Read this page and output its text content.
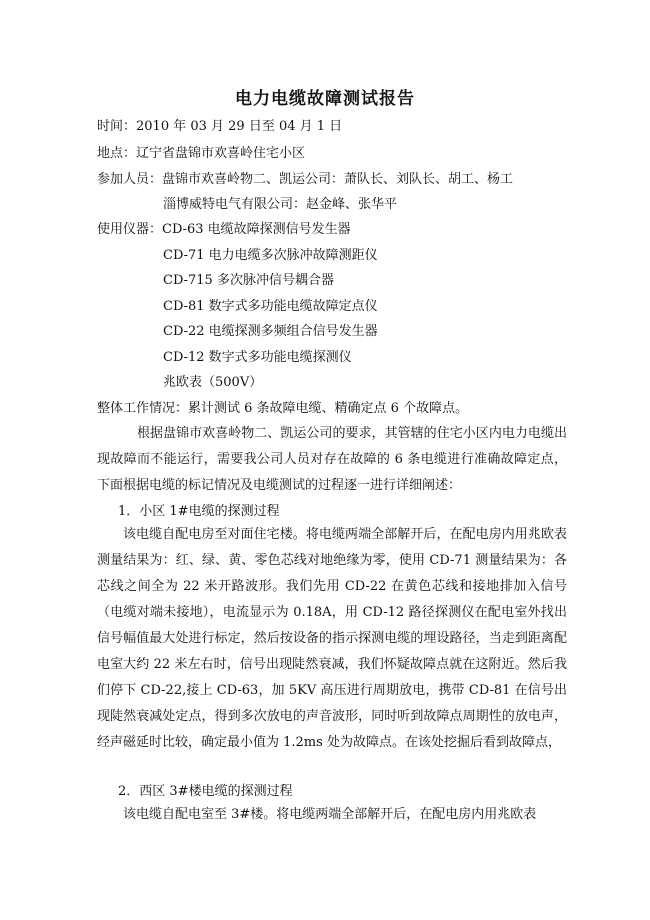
电力电缆故障测试报告
时间：2010 年 03 月 29 日至 04 月 1 日
地点：辽宁省盘锦市欢喜岭住宅小区
参加人员：盘锦市欢喜岭物二、凯运公司：萧队长、刘队长、胡工、杨工
淄博威特电气有限公司：赵金峰、张华平
使用仪器：CD-63 电缆故障探测信号发生器
CD-71 电力电缆多次脉冲故障测距仪
CD-715 多次脉冲信号耦合器
CD-81 数字式多功能电缆故障定点仪
CD-22 电缆探测多频组合信号发生器
CD-12 数字式多功能电缆探测仪
兆欧表（500V）
整体工作情况：累计测试 6 条故障电缆、精确定点 6 个故障点。
根据盘锦市欢喜岭物二、凯运公司的要求，其管辖的住宅小区内电力电缆出现故障而不能运行，需要我公司人员对存在故障的 6 条电缆进行准确故障定点，下面根据电缆的标记情况及电缆测试的过程逐一进行详细阐述：
1．小区 1#电缆的探测过程
该电缆自配电房至对面住宅楼。将电缆两端全部解开后，在配电房内用兆欧表测量结果为：红、绿、黄、零色芯线对地绝缘为零，使用 CD-71 测量结果为：各芯线之间全为 22 米开路波形。我们先用 CD-22 在黄色芯线和接地排加入信号（电缆对端未接地），电流显示为 0.18A，用 CD-12 路径探测仪在配电室外找出信号幅值最大处进行标定，然后按设备的指示探测电缆的埋设路径，当走到距离配电室大约 22 米左右时，信号出现陡然衰减，我们怀疑故障点就在这附近。然后我们停下 CD-22,接上 CD-63，加 5KV 高压进行周期放电，携带 CD-81 在信号出现陡然衰减处定点，得到多次放电的声音波形，同时听到故障点周期性的放电声，经声磁延时比较，确定最小值为 1.2ms 处为故障点。在该处挖掘后看到故障点，
2．西区 3#楼电缆的探测过程
该电缆自配电室至 3#楼。将电缆两端全部解开后，在配电房内用兆欧表
